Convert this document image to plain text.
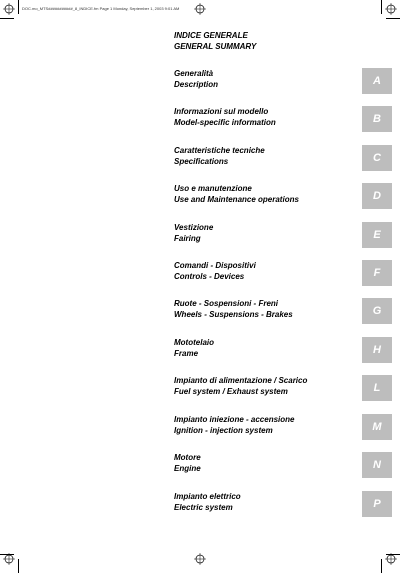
DOC.mo_MTS###########_8_INDICE.fm Page 1 Monday, September 1, 2003 9:01 AM
INDICE GENERALE
GENERAL SUMMARY
Generalità
Description
Informazioni sul modello
Model-specific information
Caratteristiche tecniche
Specifications
Uso e manutenzione
Use and Maintenance operations
Vestizione
Fairing
Comandi - Dispositivi
Controls - Devices
Ruote - Sospensioni - Freni
Wheels - Suspensions - Brakes
Mototelaio
Frame
Impianto di alimentazione / Scarico
Fuel system / Exhaust system
Impianto iniezione - accensione
Ignition - injection system
Motore
Engine
Impianto elettrico
Electric system
A
B
C
D
E
F
G
H
L
M
N
P
